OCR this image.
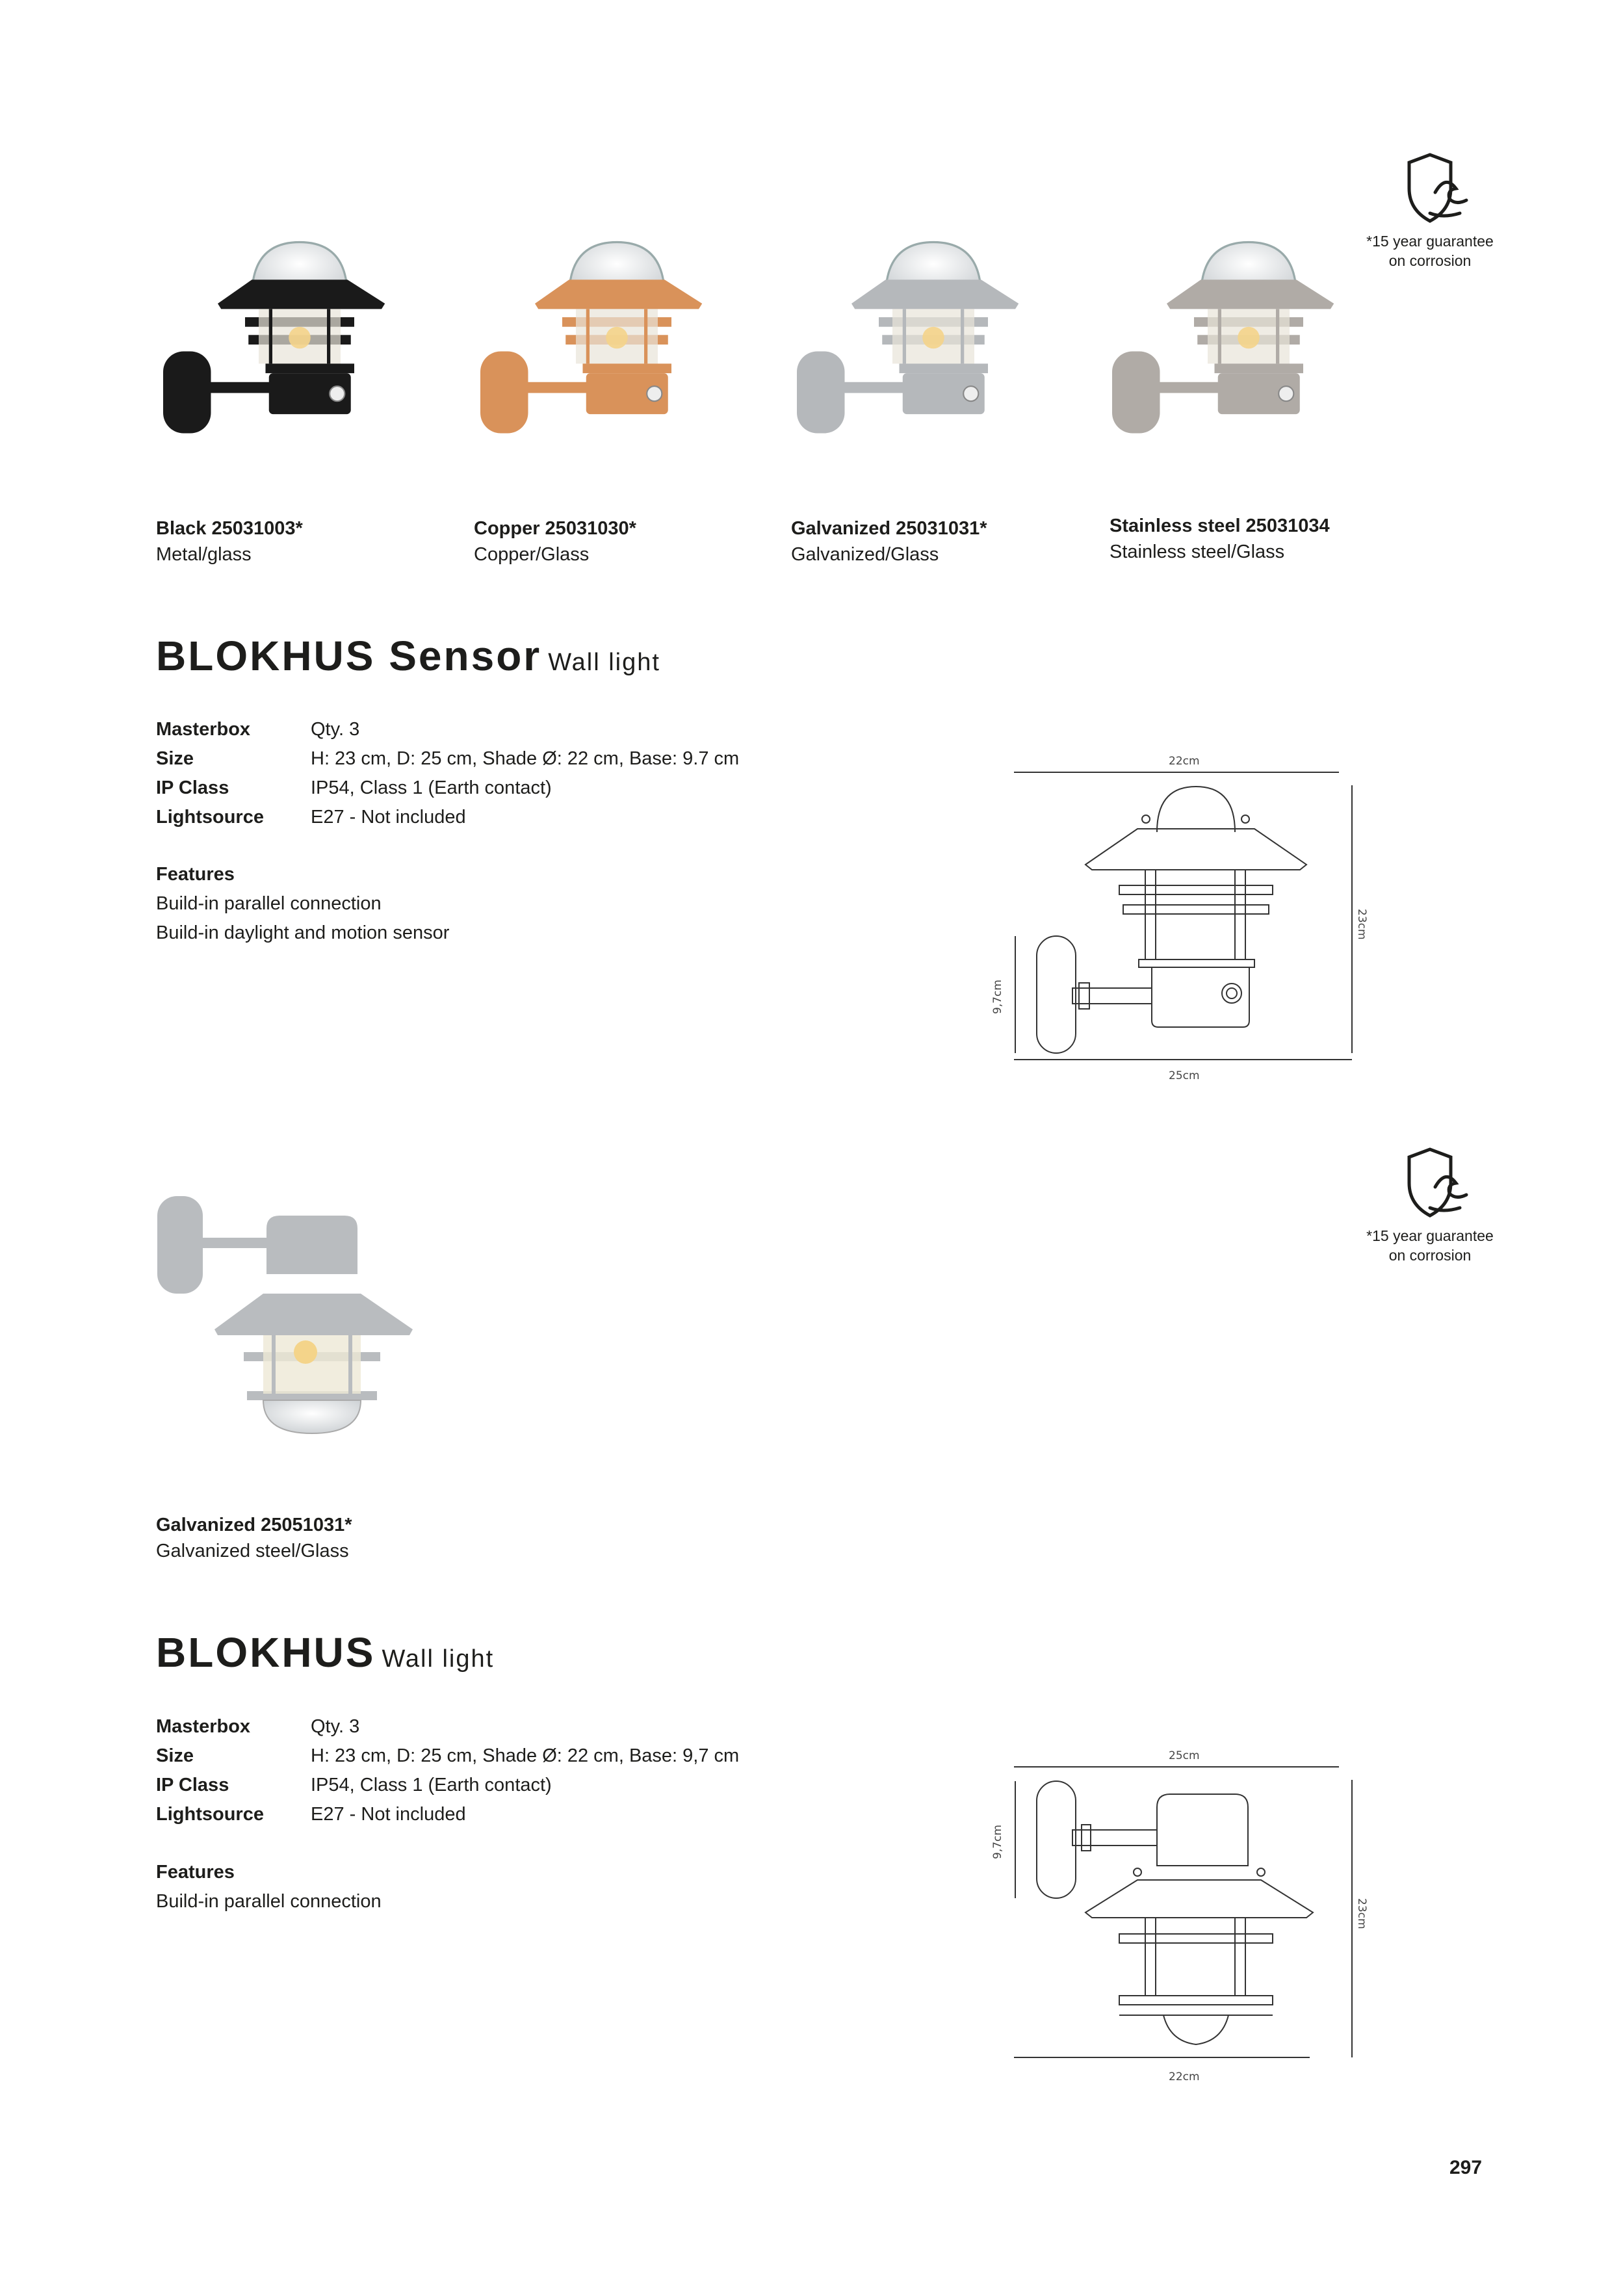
*15 year guarantee
on corrosion
Black 25031003*
Metal/glass
Copper 25031030*
Copper/Glass
Galvanized 25031031*
Galvanized/Glass
Stainless steel 25031034
Stainless steel/Glass
BLOKHUS Sensor Wall light
Masterbox	Qty. 3
Size	H: 23 cm, D: 25 cm, Shade Ø: 22 cm, Base: 9.7 cm
IP Class	IP54, Class 1 (Earth contact)
Lightsource	E27 - Not included
Features
Build-in parallel connection
Build-in daylight and motion sensor
22cm
23cm
9,7cm
25cm
*15 year guarantee
on corrosion
Galvanized 25051031*
Galvanized steel/Glass
BLOKHUS Wall light
Masterbox	Qty. 3
Size	H: 23 cm, D: 25 cm, Shade Ø: 22 cm, Base: 9,7 cm
IP Class	IP54, Class 1 (Earth contact)
Lightsource	E27 - Not included
Features
Build-in parallel connection
25cm
23cm
9,7cm
22cm
297
